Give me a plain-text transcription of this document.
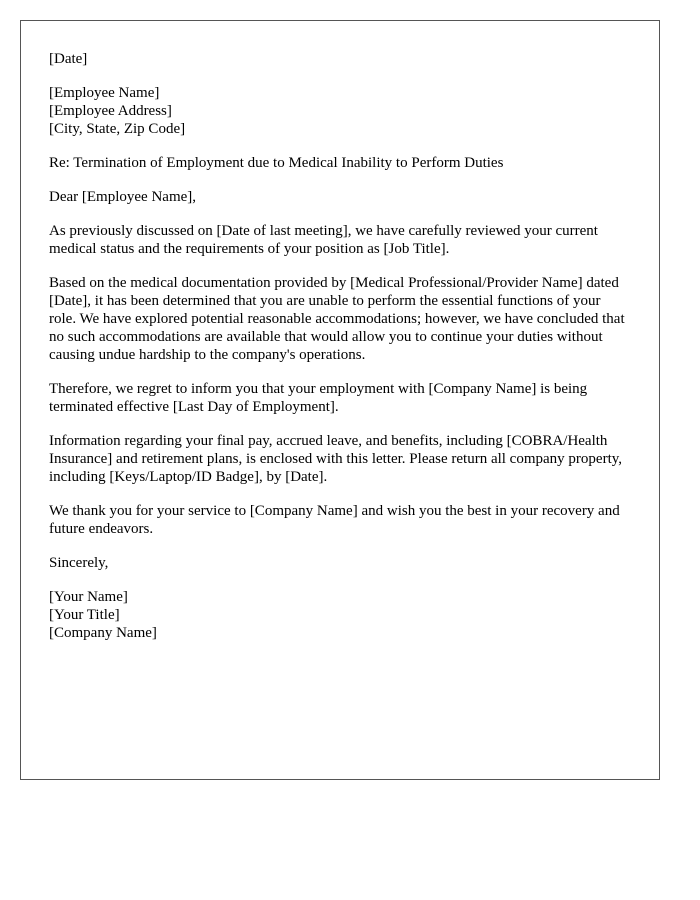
[Date]

[Employee Name]
[Employee Address]
[City, State, Zip Code]

Re: Termination of Employment due to Medical Inability to Perform Duties

Dear [Employee Name],

As previously discussed on [Date of last meeting], we have carefully reviewed your current medical status and the requirements of your position as [Job Title].

Based on the medical documentation provided by [Medical Professional/Provider Name] dated [Date], it has been determined that you are unable to perform the essential functions of your role. We have explored potential reasonable accommodations; however, we have concluded that no such accommodations are available that would allow you to continue your duties without causing undue hardship to the company's operations.

Therefore, we regret to inform you that your employment with [Company Name] is being terminated effective [Last Day of Employment].

Information regarding your final pay, accrued leave, and benefits, including [COBRA/Health Insurance] and retirement plans, is enclosed with this letter. Please return all company property, including [Keys/Laptop/ID Badge], by [Date].

We thank you for your service to [Company Name] and wish you the best in your recovery and future endeavors.

Sincerely,

[Your Name]
[Your Title]
[Company Name]
